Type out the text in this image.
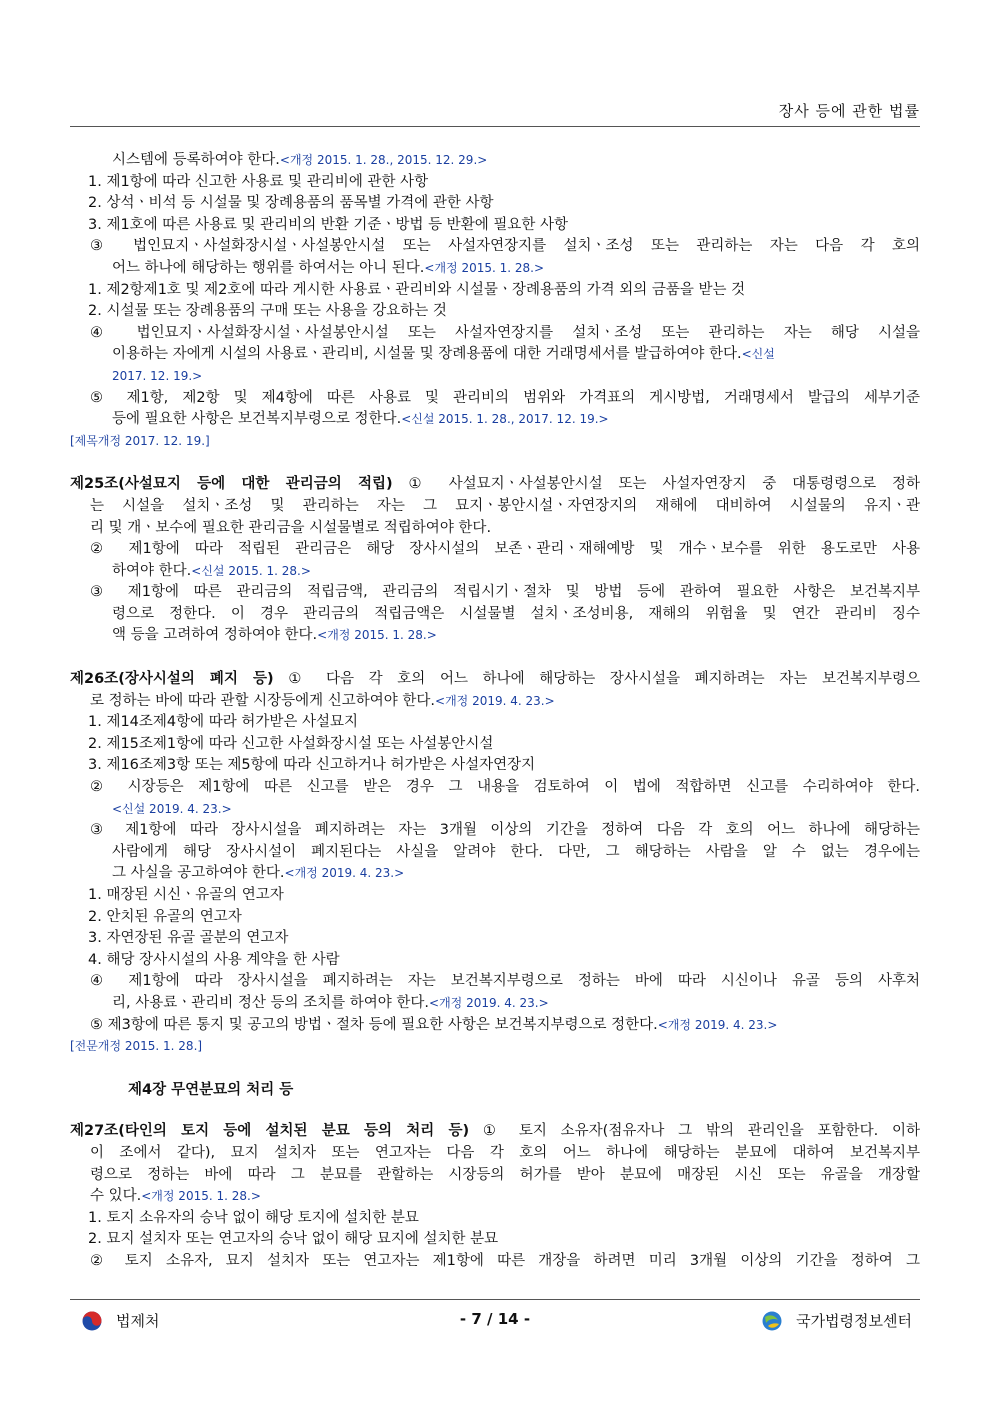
장사 등에 관한 법률
시스템에 등록하여야 한다.<개정 2015. 1. 28., 2015. 12. 29.>
1. 제1항에 따라 신고한 사용료 및 관리비에 관한 사항
2. 상석ㆍ비석 등 시설물 및 장례용품의 품목별 가격에 관한 사항
3. 제1호에 따른 사용료 및 관리비의 반환 기준ㆍ방법 등 반환에 필요한 사항
③ 법인묘지ㆍ사설화장시설ㆍ사설봉안시설 또는 사설자연장지를 설치ㆍ조성 또는 관리하는 자는 다음 각 호의
어느 하나에 해당하는 행위를 하여서는 아니 된다.<개정 2015. 1. 28.>
1. 제2항제1호 및 제2호에 따라 게시한 사용료ㆍ관리비와 시설물ㆍ장례용품의 가격 외의 금품을 받는 것
2. 시설물 또는 장례용품의 구매 또는 사용을 강요하는 것
④ 법인묘지ㆍ사설화장시설ㆍ사설봉안시설 또는 사설자연장지를 설치ㆍ조성 또는 관리하는 자는 해당 시설을
이용하는 자에게 시설의 사용료ㆍ관리비, 시설물 및 장례용품에 대한 거래명세서를 발급하여야 한다.<신설
2017. 12. 19.>
⑤ 제1항, 제2항 및 제4항에 따른 사용료 및 관리비의 범위와 가격표의 게시방법, 거래명세서 발급의 세부기준
등에 필요한 사항은 보건복지부령으로 정한다.<신설 2015. 1. 28., 2017. 12. 19.>
[제목개정 2017. 12. 19.]
제25조(사설묘지 등에 대한 관리금의 적립) ① 사설묘지ㆍ사설봉안시설 또는 사설자연장지 중 대통령령으로 정하
는 시설을 설치ㆍ조성 및 관리하는 자는 그 묘지ㆍ봉안시설ㆍ자연장지의 재해에 대비하여 시설물의 유지ㆍ관
리 및 개ㆍ보수에 필요한 관리금을 시설물별로 적립하여야 한다.
② 제1항에 따라 적립된 관리금은 해당 장사시설의 보존ㆍ관리ㆍ재해예방 및 개수ㆍ보수를 위한 용도로만 사용
하여야 한다.<신설 2015. 1. 28.>
③ 제1항에 따른 관리금의 적립금액, 관리금의 적립시기ㆍ절차 및 방법 등에 관하여 필요한 사항은 보건복지부
령으로 정한다. 이 경우 관리금의 적립금액은 시설물별 설치ㆍ조성비용, 재해의 위험율 및 연간 관리비 징수
액 등을 고려하여 정하여야 한다.<개정 2015. 1. 28.>
제26조(장사시설의 폐지 등) ① 다음 각 호의 어느 하나에 해당하는 장사시설을 폐지하려는 자는 보건복지부령으
로 정하는 바에 따라 관할 시장등에게 신고하여야 한다.<개정 2019. 4. 23.>
1. 제14조제4항에 따라 허가받은 사설묘지
2. 제15조제1항에 따라 신고한 사설화장시설 또는 사설봉안시설
3. 제16조제3항 또는 제5항에 따라 신고하거나 허가받은 사설자연장지
② 시장등은 제1항에 따른 신고를 받은 경우 그 내용을 검토하여 이 법에 적합하면 신고를 수리하여야 한다.
<신설 2019. 4. 23.>
③ 제1항에 따라 장사시설을 폐지하려는 자는 3개월 이상의 기간을 정하여 다음 각 호의 어느 하나에 해당하는
사람에게 해당 장사시설이 폐지된다는 사실을 알려야 한다. 다만, 그 해당하는 사람을 알 수 없는 경우에는
그 사실을 공고하여야 한다.<개정 2019. 4. 23.>
1. 매장된 시신ㆍ유골의 연고자
2. 안치된 유골의 연고자
3. 자연장된 유골 골분의 연고자
4. 해당 장사시설의 사용 계약을 한 사람
④ 제1항에 따라 장사시설을 폐지하려는 자는 보건복지부령으로 정하는 바에 따라 시신이나 유골 등의 사후처
리, 사용료ㆍ관리비 정산 등의 조치를 하여야 한다.<개정 2019. 4. 23.>
⑤ 제3항에 따른 통지 및 공고의 방법ㆍ절차 등에 필요한 사항은 보건복지부령으로 정한다.<개정 2019. 4. 23.>
[전문개정 2015. 1. 28.]
제4장 무연분묘의 처리 등
제27조(타인의 토지 등에 설치된 분묘 등의 처리 등) ① 토지 소유자(점유자나 그 밖의 관리인을 포함한다. 이하
이 조에서 같다), 묘지 설치자 또는 연고자는 다음 각 호의 어느 하나에 해당하는 분묘에 대하여 보건복지부
령으로 정하는 바에 따라 그 분묘를 관할하는 시장등의 허가를 받아 분묘에 매장된 시신 또는 유골을 개장할
수 있다.<개정 2015. 1. 28.>
1. 토지 소유자의 승낙 없이 해당 토지에 설치한 분묘
2. 묘지 설치자 또는 연고자의 승낙 없이 해당 묘지에 설치한 분묘
② 토지 소유자, 묘지 설치자 또는 연고자는 제1항에 따른 개장을 하려면 미리 3개월 이상의 기간을 정하여 그
법제처	- 7 / 14 -	국가법령정보센터
